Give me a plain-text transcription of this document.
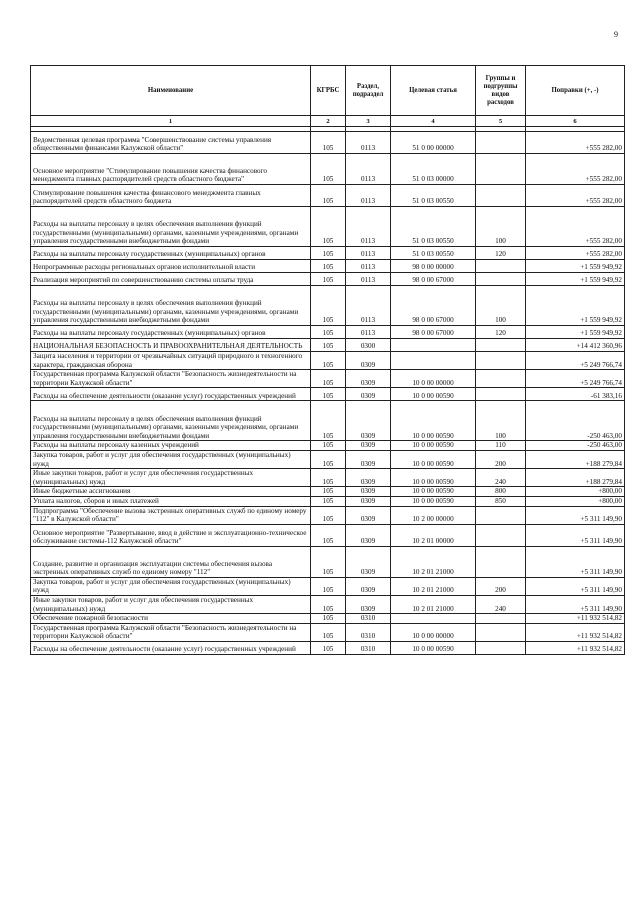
9
Наименование	КГРБС	Раздел, подраздел	Целевая статья	Группы и подгруппы видов расходов	Поправки (+, -)
1	2	3	4	5	6

Ведомственная целевая программа "Совершенствование системы управления общественными финансами Калужской области"	105	0113	51 0 00 00000		+555 282,00
Основное мероприятие "Стимулирование повышения качества финансового менеджмента главных распорядителей средств областного бюджета"	105	0113	51 0 03 00000		+555 282,00
Стимулирование повышения качества финансового менеджмента главных распорядителей средств областного бюджета	105	0113	51 0 03 00550		+555 282,00
Расходы на выплаты персоналу в целях обеспечения выполнения функций государственными (муниципальными) органами, казенными учреждениями, органами управления государственными внебюджетными фондами	105	0113	51 0 03 00550	100	+555 282,00
Расходы на выплаты персоналу государственных (муниципальных) органов	105	0113	51 0 03 00550	120	+555 282,00
Непрограммные расходы региональных органов исполнительной власти	105	0113	98 0 00 00000		+1 559 949,92
Реализация мероприятий по совершенствованию системы оплаты труда	105	0113	98 0 00 67000		+1 559 949,92
Расходы на выплаты персоналу в целях обеспечения выполнения функций государственными (муниципальными) органами, казенными учреждениями, органами управления государственными внебюджетными фондами	105	0113	98 0 00 67000	100	+1 559 949,92
Расходы на выплаты персоналу государственных (муниципальных) органов	105	0113	98 0 00 67000	120	+1 559 949,92
НАЦИОНАЛЬНАЯ БЕЗОПАСНОСТЬ И ПРАВООХРАНИТЕЛЬНАЯ ДЕЯТЕЛЬНОСТЬ	105	0300			+14 412 360,96
Защита населения и территории от чрезвычайных ситуаций природного и техногенного характера, гражданская оборона	105	0309			+5 249 766,74
Государственная программа Калужской области "Безопасность жизнедеятельности на территории Калужской области"	105	0309	10 0 00 00000		+5 249 766,74
Расходы на обеспечение деятельности (оказание услуг) государственных учреждений	105	0309	10 0 00 00590		-61 383,16
Расходы на выплаты персоналу в целях обеспечения выполнения функций государственными (муниципальными) органами, казенными учреждениями, органами управления государственными внебюджетными фондами	105	0309	10 0 00 00590	100	-250 463,00
Расходы на выплаты персоналу казенных учреждений	105	0309	10 0 00 00590	110	-250 463,00
Закупка товаров, работ и услуг для обеспечения государственных (муниципальных) нужд	105	0309	10 0 00 00590	200	+188 279,84
Иные закупки товаров, работ и услуг для обеспечения государственных (муниципальных) нужд	105	0309	10 0 00 00590	240	+188 279,84
Иные бюджетные ассигнования	105	0309	10 0 00 00590	800	+800,00
Уплата налогов, сборов и иных платежей	105	0309	10 0 00 00590	850	+800,00
Подпрограмма "Обеспечение вызова экстренных оперативных служб по единому номеру "112" в Калужской области"	105	0309	10 2 00 00000		+5 311 149,90
Основное мероприятие "Развертывание, ввод в действие и эксплуатационно-техническое обслуживание системы-112 Калужской области"	105	0309	10 2 01 00000		+5 311 149,90
Создание, развитие и организация эксплуатации системы обеспечения вызова экстренных оперативных служб по единому номеру "112"	105	0309	10 2 01 21000		+5 311 149,90
Закупка товаров, работ и услуг для обеспечения государственных (муниципальных) нужд	105	0309	10 2 01 21000	200	+5 311 149,90
Иные закупки товаров, работ и услуг для обеспечения государственных (муниципальных) нужд	105	0309	10 2 01 21000	240	+5 311 149,90
Обеспечение пожарной безопасности	105	0310			+11 932 514,82
Государственная программа Калужской области "Безопасность жизнедеятельности на территории Калужской области"	105	0310	10 0 00 00000		+11 932 514,82
Расходы на обеспечение деятельности (оказание услуг) государственных учреждений	105	0310	10 0 00 00590		+11 932 514,82
